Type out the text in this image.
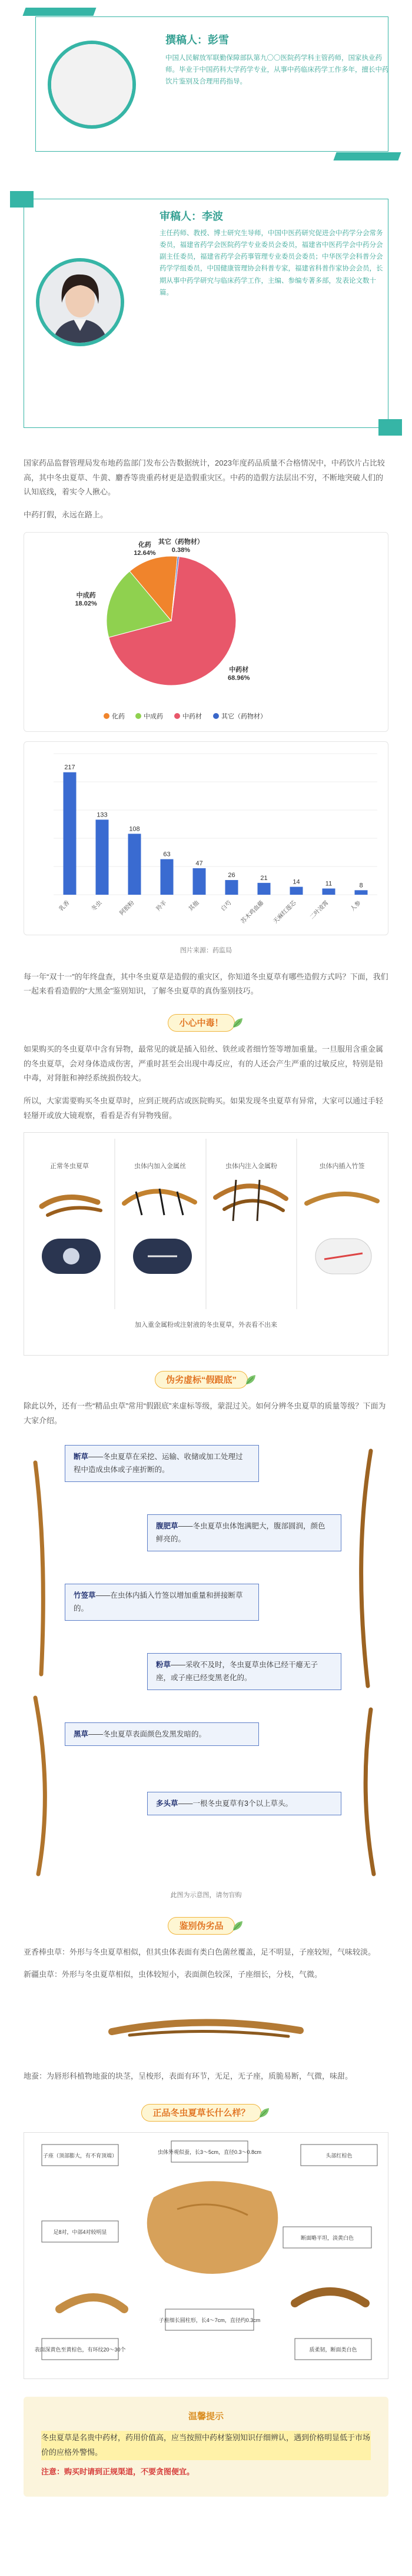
撰稿人：彭雪
中国人民解放军联勤保障部队第九〇〇医院药学科主管药师，国家执业药师。毕业于中国药科大学药学专业，从事中药临床药学工作多年，擅长中药饮片鉴别及合理用药指导。
审稿人：李波
主任药师、教授、博士研究生导师，中国中医药研究促进会中药学分会常务委员，福建省药学会医院药学专业委员会委员，福建省中医药学会中药分会副主任委员，福建省药学会药事管理专业委员会委员；中华医学会科普分会药学学组委员，中国健康管理协会科普专家，福建省科普作家协会会员，长期从事中药学研究与临床药学工作，主编、参编专著多部，发表论文数十篇。

国家药品监督管理局发布地药监部门发布公告数据统计，2023年度药品质量不合格情况中，中药饮片占比较高，其中冬虫夏草、牛黄、麝香等贵重药材更是造假重灾区。中药的造假方法层出不穷，不断地突破人们的认知底线，着实令人揪心。

中药打假，永远在路上。

中药材
68.96%
中成药
18.02%
化药
12.64%
其它（药物材）
0.38%
化药	中成药	中药材	其它（药物材）
217
乳香
133
冬虫
108
阿胶粉
63
羚羊
47
其他
26
白芍
21
苏木鸡血藤
14
天麻红莲芯
11
二叶凌霄
8
人参
图片来源：药监局

每一年“双十一”的年终盘查，其中冬虫夏草是造假的重灾区，你知道冬虫夏草有哪些造假方式吗？下面，我们一起来看看造假的“大黑金”鉴别知识，了解冬虫夏草的真伪鉴别技巧。

小心中毒！

如果购买的冬虫夏草中含有异物，最常见的就是插入铅丝、铁丝或者细竹签等增加重量。一旦服用含重金属的冬虫夏草，会对身体造成伤害，严重时甚至会出现中毒反应，有的人还会产生严重的过敏反应，特别是铅中毒，对肾脏和神经系统损伤较大。

所以，大家需要购买冬虫夏草时，应到正规药店或医院购买。如果发现冬虫夏草有异常，大家可以通过手轻轻掰开或放大镜观察，看看是否有异物残留。

虫体内插入竹签
正常冬虫夏草	虫体内加入金属丝	虫体内注入金属粉
加入重金属粉或注射液的冬虫夏草，外表看不出来
伪劣虚标“假跟底”

除此以外，还有一些“精品虫草”常用“假跟底”来虚标等级，蒙混过关。如何分辨冬虫夏草的质量等级？下面为大家介绍。

断草——冬虫夏草在采挖、运输、收储或加工处理过程中造成虫体或子座折断的。
腹肥草——冬虫夏草虫体饱满肥大，腹部圆润，颜色鲜亮的。
竹签草——在虫体内插入竹签以增加重量和拼接断草的。
粉草——采收不及时，冬虫夏草虫体已经干瘪无子座，或子座已经变黑老化的。
黑草——冬虫夏草表面颜色发黑发暗的。
多头草——一根冬虫夏草有3个以上草头。
此图为示意图，请勿盲购
鉴别伪劣品

亚香棒虫草：外形与冬虫夏草相似，但其虫体表面有类白色菌丝覆盖，足不明显，子座较短，气味较淡。

新疆虫草：外形与冬虫夏草相似，虫体较短小，表面颜色较深，子座细长，分枝，气微。

地蚕：为唇形科植物地蚕的块茎，呈梭形，表面有环节，无足，无子座，质脆易断，气微，味甜。

正品冬虫夏草长什么样？
子座（顶部膨大，有不育顶端）
虫体外观似蚕，长3～5cm，直径0.3～0.8cm
头部红棕色
足8对，中部4对较明显
断面略平坦，淡黄白色
表面深黄色至黄棕色，有环纹20～30个
子座细长圆柱形，长4～7cm，直径约0.3cm
质柔韧，断面类白色
温馨提示

冬虫夏草是名贵中药材，药用价值高，应当按照中药材鉴别知识仔细辨认，遇到价格明显低于市场价的应格外警惕。

注意：购买时请到正规渠道，不要贪图便宜。
